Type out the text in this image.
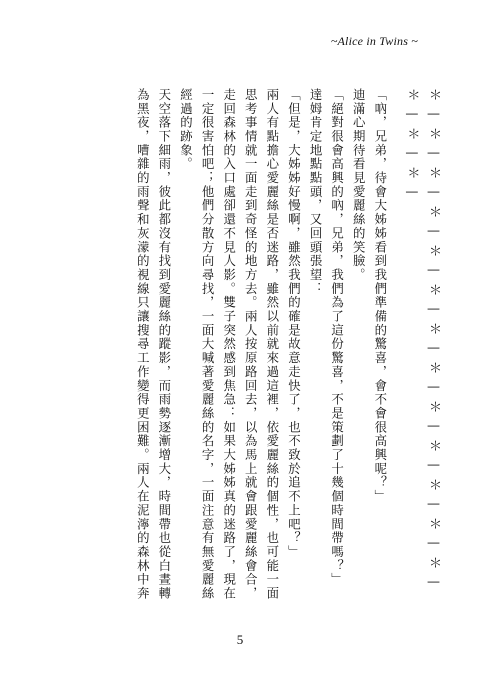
~Alice in Twins ~
＊—＊—＊—＊—＊—＊—＊—＊—＊—＊—＊—＊—＊—＊—＊—＊—
「吶，兄弟，待會大姊姊看到我們準備的驚喜，會不會很高興呢？」
迪滿心期待看見愛麗絲的笑臉。
「絕對很會高興的吶，兄弟，我們為了這份驚喜，不是策劃了十幾個時間帶嗎？」
達姆肯定地點點頭，又回頭張望：
「但是，大姊姊好慢啊，雖然我們的確是故意走快了，也不致於追不上吧？」
兩人有點擔心愛麗絲是否迷路，雖然以前就來過這裡，依愛麗絲的個性，也可能一面思考事情就一面走到奇怪的地方去。兩人按原路回去，以為馬上就會跟愛麗絲會合，走回森林的入口處卻還不見人影。雙子突然感到焦急：如果大姊姊真的迷路了，現在一定很害怕吧；他們分散方向尋找，一面大喊著愛麗絲的名字，一面注意有無愛麗絲經過的跡象。
天空落下細雨，彼此都沒有找到愛麗絲的蹤影，而雨勢逐漸增大，時間帶也從白晝轉為黑夜，嘈雜的雨聲和灰濛的視線只讓搜尋工作變得更困難。兩人在泥濘的森林中奔
5
